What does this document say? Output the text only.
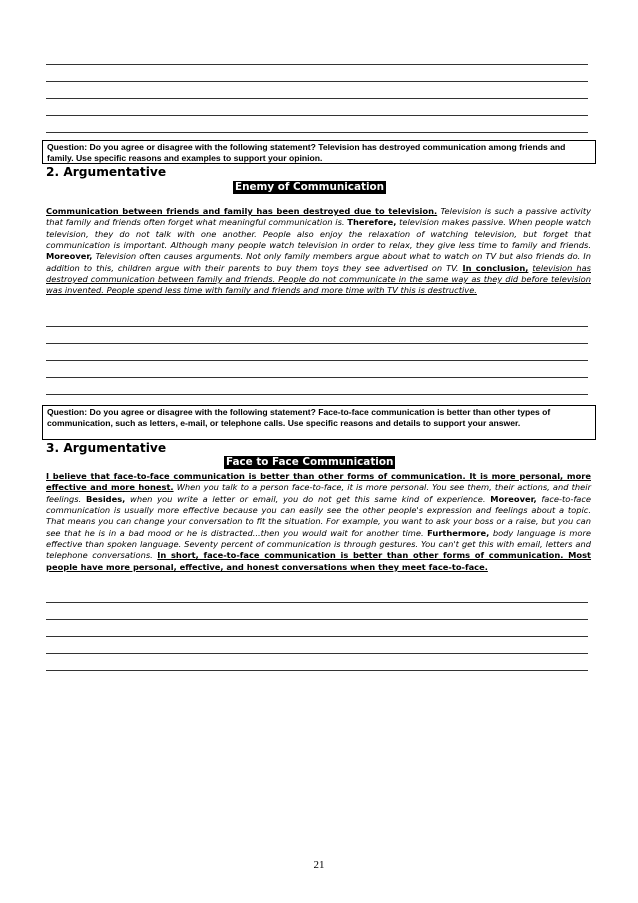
Question: Do you agree or disagree with the following statement? Television has destroyed communication among friends and family. Use specific reasons and examples to support your opinion.
2. Argumentative
Enemy of Communication
Communication between friends and family has been destroyed due to television. Television is such a passive activity that family and friends often forget what meaningful communication is. Therefore, television makes passive. When people watch television, they do not talk with one another. People also enjoy the relaxation of watching television, but forget that communication is important. Although many people watch television in order to relax, they give less time to family and friends. Moreover, Television often causes arguments. Not only family members argue about what to watch on TV but also friends do. In addition to this, children argue with their parents to buy them toys they see advertised on TV. In conclusion, television has destroyed communication between family and friends. People do not communicate in the same way as they did before television was invented. People spend less time with family and friends and more time with TV this is destructive.
Question: Do you agree or disagree with the following statement? Face-to-face communication is better than other types of communication, such as letters, e-mail, or telephone calls. Use specific reasons and details to support your answer.
3. Argumentative
Face to Face Communication
I believe that face-to-face communication is better than other forms of communication. It is more personal, more effective and more honest. When you talk to a person face-to-face, it is more personal. You see them, their actions, and their feelings. Besides, when you write a letter or email, you do not get this same kind of experience. Moreover, face-to-face communication is usually more effective because you can easily see the other people's expression and feelings about a topic. That means you can change your conversation to fit the situation. For example, you want to ask your boss or a raise, but you can see that he is in a bad mood or he is distracted...then you would wait for another time. Furthermore, body language is more effective than spoken language. Seventy percent of communication is through gestures. You can't get this with email, letters and telephone conversations. In short, face-to-face communication is better than other forms of communication. Most people have more personal, effective, and honest conversations when they meet face-to-face.
21
